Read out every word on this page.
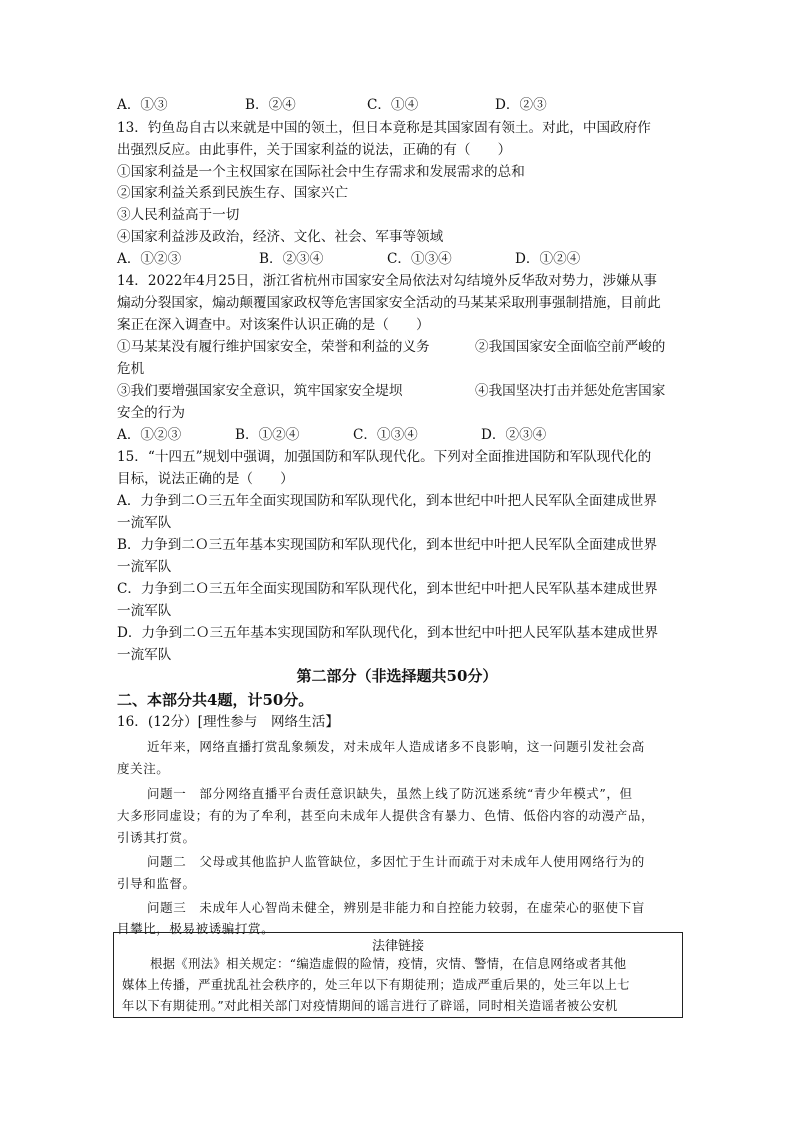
A．①③	B．②④	C．①④	D．②③
13．钓鱼岛自古以来就是中国的领土，但日本竟称是其国家固有领土。对此，中国政府作
出强烈反应。由此事件，关于国家利益的说法，正确的有（　　）
①国家利益是一个主权国家在国际社会中生存需求和发展需求的总和
②国家利益关系到民族生存、国家兴亡
③人民利益高于一切
④国家利益涉及政治，经济、文化、社会、军事等领域
A．①②③	B．②③④	C．①③④	D．①②④
14．2022年4月25日，浙江省杭州市国家安全局依法对勾结境外反华敌对势力，涉嫌从事
煽动分裂国家，煽动颠覆国家政权等危害国家安全活动的马某某采取刑事强制措施，目前此
案正在深入调查中。对该案件认识正确的是（　　）
①马某某没有履行维护国家安全，荣誉和利益的义务	②我国国家安全面临空前严峻的
危机
③我们要增强国家安全意识，筑牢国家安全堤坝	④我国坚决打击并惩处危害国家
安全的行为
A．①②③	B．①②④	C．①③④	D．②③④
15．“十四五”规划中强调，加强国防和军队现代化。下列对全面推进国防和军队现代化的
目标，说法正确的是（　　）
A．力争到二Ｏ三五年全面实现国防和军队现代化，到本世纪中叶把人民军队全面建成世界
一流军队
B．力争到二Ｏ三五年基本实现国防和军队现代化，到本世纪中叶把人民军队全面建成世界
一流军队
C．力争到二Ｏ三五年全面实现国防和军队现代化，到本世纪中叶把人民军队基本建成世界
一流军队
D．力争到二Ｏ三五年基本实现国防和军队现代化，到本世纪中叶把人民军队基本建成世界
一流军队
第二部分（非选择题共50分）
二、本部分共4题，计50分。
16．(12分）[理性参与　网络生活】
近年来，网络直播打赏乱象频发，对未成年人造成诸多不良影响，这一问题引发社会高
度关注。
问题一　部分网络直播平台责任意识缺失，虽然上线了防沉迷系统“青少年模式”，但
大多形同虚设；有的为了牟利，甚至向未成年人提供含有暴力、色情、低俗内容的动漫产品，
引诱其打赏。
问题二　父母或其他监护人监管缺位，多因忙于生计而疏于对未成年人使用网络行为的
引导和监督。
问题三　未成年人心智尚未健全，辨别是非能力和自控能力较弱，在虚荣心的驱使下盲
目攀比，极易被诱骗打赏。
法律链接
根据《刑法》相关规定：“编造虚假的险情，疫情，灾情、警情，在信息网络或者其他
媒体上传播，严重扰乱社会秩序的，处三年以下有期徒刑；造成严重后果的，处三年以上七
年以下有期徒刑。”对此相关部门对疫情期间的谣言进行了辟谣，同时相关造谣者被公安机
